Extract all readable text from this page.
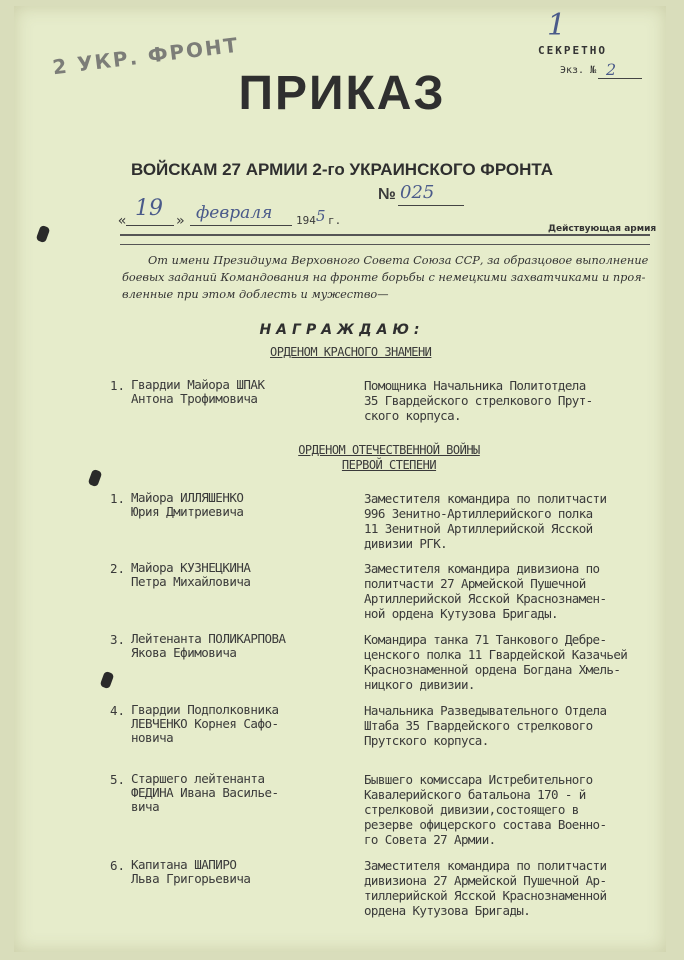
2 УКР. ФРОНТ
1
СЕКРЕТНО
Экз. № 2
ПРИКАЗ
ВОЙСКАМ 27 АРМИИ 2-го УКРАИНСКОГО ФРОНТА
№ 025
« 19 » февраля 194 5 г.
Действующая армия
От имени Президиума Верховного Совета Союза ССР, за образцовое выполнение
боевых заданий Командования на фронте борьбы с немецкими захватчиками и проя-
вленные при этом доблесть и мужество—
НАГРАЖДАЮ:
ОРДЕНОМ КРАСНОГО ЗНАМЕНИ
ОРДЕНОМ ОТЕЧЕСТВЕННОЙ ВОЙНЫ
ПЕРВОЙ СТЕПЕНИ
1. Гвардии Майора ШПАК
Антона Трофимовича
Помощника Начальника Политотдела
35 Гвардейского стрелкового Прут-
ского корпуса.
1. Майора ИЛЛЯШЕНКО
Юрия Дмитриевича
Заместителя командира по политчасти
996 Зенитно-Артиллерийского полка
11 Зенитной Артиллерийской Ясской
дивизии РГК.
2. Майора КУЗНЕЦКИНА
Петра Михайловича
Заместителя командира дивизиона по
политчасти 27 Армейской Пушечной
Артиллерийской Ясской Краснознамен-
ной ордена Кутузова Бригады.
3. Лейтенанта ПОЛИКАРПОВА
Якова Ефимовича
Командира танка 71 Танкового Дебре-
ценского полка 11 Гвардейской Казачьей
Краснознаменной ордена Богдана Хмель-
ницкого дивизии.
4. Гвардии Подполковника
ЛЕВЧЕНКО Корнея Сафо-
новича
Начальника Разведывательного Отдела
Штаба 35 Гвардейского стрелкового
Прутского корпуса.
5. Старшего лейтенанта
ФЕДИНА Ивана Васильe-
вича
Бывшего комиссара Истребительного
Кавалерийского батальона 170 - й
стрелковой дивизии,состоящего в
резерве офицерского состава Военно-
го Совета 27 Армии.
6. Капитана ШАПИРО
Льва Григорьевича
Заместителя командира по политчасти
дивизиона 27 Армейской Пушечной Ар-
тиллерийской Ясской Краснознаменной
ордена Кутузова Бригады.
